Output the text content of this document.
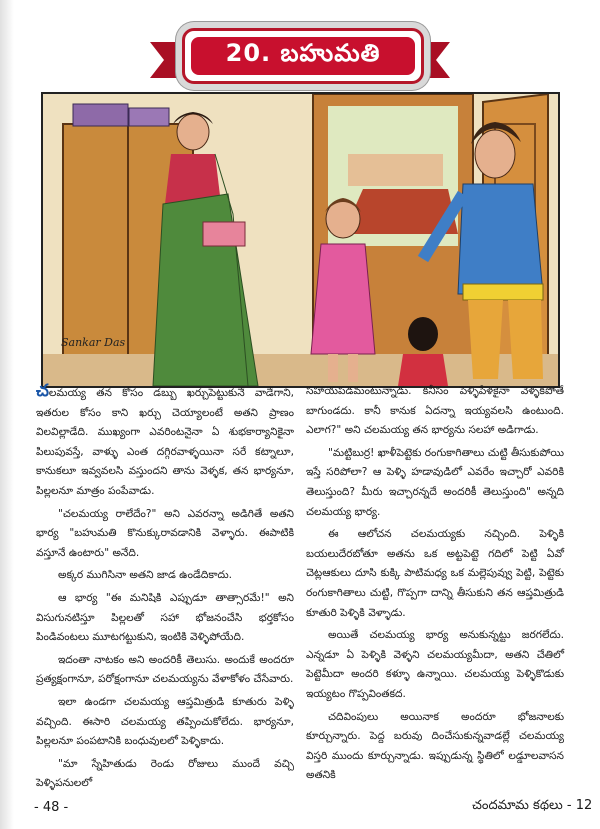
20. బహుమతి
Sankar Das

చలమయ్య తన కోసం డబ్బు ఖర్చుపెట్టుకునే వాడేగాని, ఇతరుల కోసం కాని ఖర్చు చెయ్యాలంటే అతని ప్రాణం విలవిల్లాడేది. ముఖ్యంగా ఎవరింటనైనా ఏ శుభకార్యానికైనా పిలుపువస్తే, వాళ్ళు ఎంత దగ్గిరవాళ్ళయినా సరే కట్నాలూ, కానుకలూ ఇవ్వవలసి వస్తుందని తాను వెళ్ళక, తన భార్యనూ, పిల్లలనూ మాత్రం పంపేవాడు.

"చలమయ్య రాలేదేం?" అని ఎవరన్నా అడిగితే అతని భార్య "బహుమతి కొనుక్కురావడానికి వెళ్ళారు. ఈపాటికి వస్తూనే ఉంటారు" అనేది.

అక్కర ముగిసినా అతని జాడ ఉండేదికాదు.

ఆ భార్య "ఈ మనిషికి ఎప్పుడూ తాత్సారమే!" అని విసుగునటిస్తూ పిల్లలతో సహా భోజనంచేసి భర్తకోసం పిండివంటలు మూటగట్టుకుని, ఇంటికి వెళ్ళిపోయేది.

ఇదంతా నాటకం అని అందరికీ తెలుసు. అందుకే అందరూ ప్రత్యక్షంగానూ, పరోక్షంగానూ చలమయ్యను వేళాకోళం చేసేవారు.

ఇలా ఉండగా చలమయ్య ఆప్తమిత్రుడి కూతురు పెళ్ళి వచ్చింది. ఈసారి చలమయ్య తప్పించుకోలేదు. భార్యనూ, పిల్లలనూ పంపటానికి బంధువులలో పెళ్ళికాదు.

"మా స్నేహితుడు రెండు రోజులు ముందే వచ్చి పెళ్ళిపనులలో

సహాయపడమంటున్నాడు. కనీసం పెళ్ళిపేళకైనా వెళ్ళకపోతే బాగుండదు. కానీ కానుక ఏదన్నా ఇయ్యవలసి ఉంటుంది. ఎలాగ?" అని చలమయ్య తన భార్యను సలహా అడిగాడు.

"మట్టిబుర్ర! ఖాళీపెట్టెకు రంగుకాగితాలు చుట్టి తీసుకుపోయి ఇస్తే సరిపోలా? ఆ పెళ్ళి హడావుడిలో ఎవరేం ఇచ్చారో ఎవరికి తెలుస్తుంది? మీరు ఇచ్చారన్నదే అందరికీ తెలుస్తుంది" అన్నది చలమయ్య భార్య.

ఈ ఆలోచన చలమయ్యకు నచ్చింది. పెళ్ళికి బయలుదేరబోతూ అతను ఒక అట్టపెట్టె గదిలో పెట్టి ఏవో చెట్లఆకులు దూసి కుక్కి పాటిమధ్య ఒక మల్లెపువ్వు పెట్టి, పెట్టెకు రంగుకాగితాలు చుట్టి, గొప్పగా దాన్ని తీసుకుని తన ఆప్తమిత్రుడి కూతురి పెళ్ళికి వెళ్ళాడు.

అయితే చలమయ్య భార్య అనుకున్నట్టు జరగలేదు. ఎన్నడూ ఏ పెళ్ళికి వెళ్ళని చలమయ్యమీదా, అతని చేతిలో పెట్టెమీదా అందరి కళ్ళూ ఉన్నాయి. చలమయ్య పెళ్ళికొడుకు ఇయ్యటం గొప్పవింతకద.

చదివింపులు అయినాక అందరూ భోజనాలకు కూర్చున్నారు. పెద్ద బరువు దించేసుకున్నవాడల్లే చలమయ్య విస్తరి ముందు కూర్చున్నాడు. ఇప్పుడున్న స్థితిలో లడ్డూలవాసన అతనికి

- 48 -	చందమామ కథలు - 12
